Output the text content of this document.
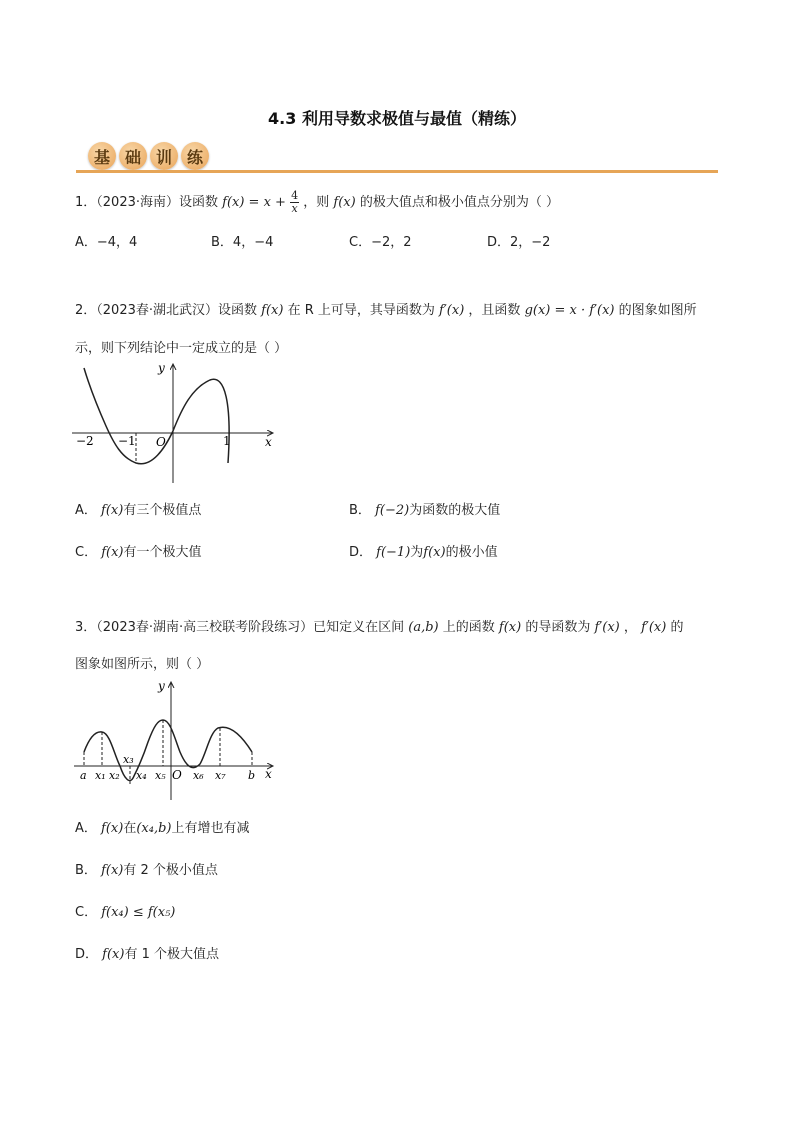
4.3 利用导数求极值与最值（精练）
基 础 训 练
1．（2023·海南）设函数 $f(x) = x + \frac{4}{x}$ ，则 f(x) 的极大值点和极小值点分别为（ ）
A．−4，4	B．4，−4	C．−2，2	D．2，−2
2．（2023春·湖北武汉）设函数 f(x) 在 R 上可导，其导函数为 f′(x) ，且函数 g(x) = x · f′(x) 的图象如图所
示，则下列结论中一定成立的是（ ）
y
x
O
−2 −1	1
A． f(x)有三个极值点	B． f(−2)为函数的极大值
C． f(x)有一个极大值	D． f(−1)为f(x)的极小值
3．（2023春·湖南·高三校联考阶段练习）已知定义在区间 (a,b) 上的函数 f(x) 的导函数为 f′(x) ， f′(x) 的
图象如图所示，则（ ）
y
x
a x₁ x₂
x₃
x₄ x₅ O x₆ x₇ b
A． f(x)在(x₄,b)上有增也有减
B． f(x)有 2 个极小值点
C． f(x₄) ≤ f(x₅)
D． f(x)有 1 个极大值点
